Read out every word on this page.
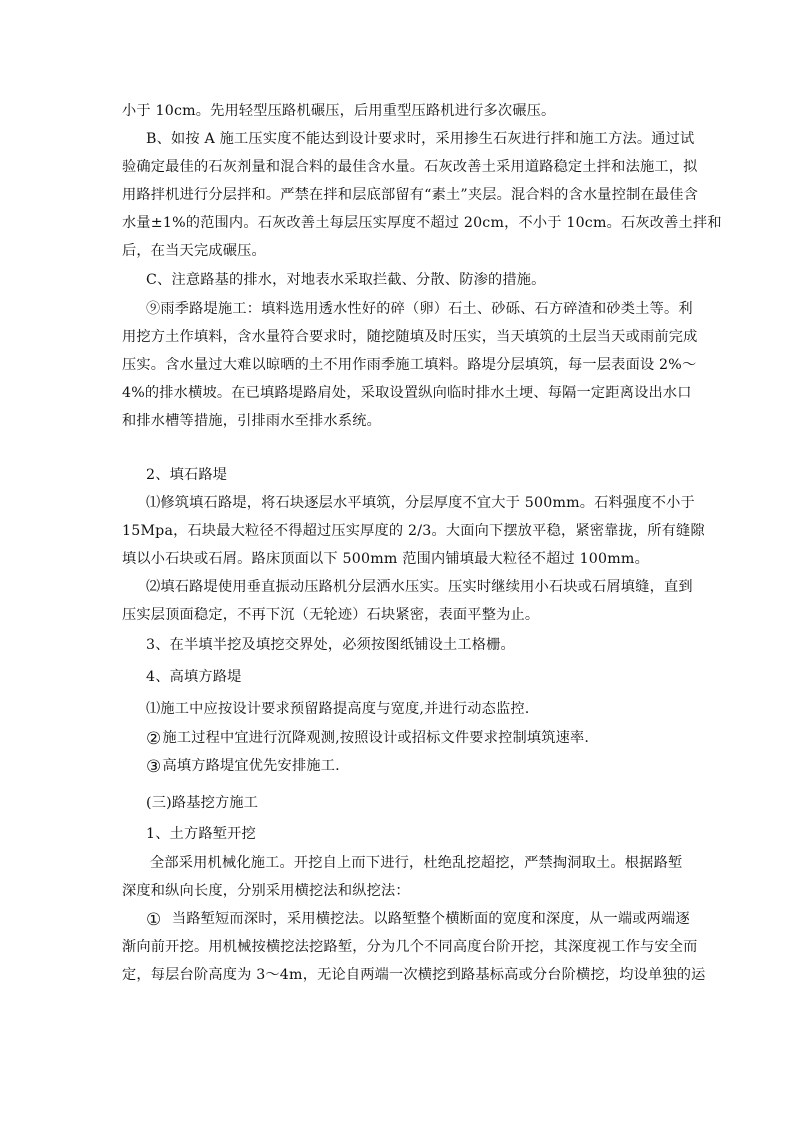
小于 10cm。先用轻型压路机碾压，后用重型压路机进行多次碾压。
B、如按 A 施工压实度不能达到设计要求时，采用掺生石灰进行拌和施工方法。通过试
验确定最佳的石灰剂量和混合料的最佳含水量。石灰改善土采用道路稳定土拌和法施工，拟
用路拌机进行分层拌和。严禁在拌和层底部留有“素土”夹层。混合料的含水量控制在最佳含
水量±1%的范围内。石灰改善土每层压实厚度不超过 20cm，不小于 10cm。石灰改善土拌和
后，在当天完成碾压。
C、注意路基的排水，对地表水采取拦截、分散、防渗的措施。
⑨雨季路堤施工：填料选用透水性好的碎（卵）石土、砂砾、石方碎渣和砂类土等。利
用挖方土作填料，含水量符合要求时，随挖随填及时压实，当天填筑的土层当天或雨前完成
压实。含水量过大难以晾晒的土不用作雨季施工填料。路堤分层填筑，每一层表面设 2%～
4%的排水横坡。在已填路堤路肩处，采取设置纵向临时排水土埂、每隔一定距离设出水口
和排水槽等措施，引排雨水至排水系统。
2、填石路堤
⑴修筑填石路堤，将石块逐层水平填筑，分层厚度不宜大于 500mm。石料强度不小于
15Mpa，石块最大粒径不得超过压实厚度的 2/3。大面向下摆放平稳，紧密靠拢，所有缝隙
填以小石块或石屑。路床顶面以下 500mm 范围内铺填最大粒径不超过 100mm。
⑵填石路堤使用垂直振动压路机分层洒水压实。压实时继续用小石块或石屑填缝，直到
压实层顶面稳定，不再下沉（无轮迹）石块紧密，表面平整为止。
3、在半填半挖及填挖交界处，必须按图纸铺设土工格栅。
4、高填方路堤
⑴施工中应按设计要求预留路提高度与宽度,并进行动态监控.
②施工过程中宜进行沉降观测,按照设计或招标文件要求控制填筑速率.
③高填方路堤宜优先安排施工.
(三)路基挖方施工
1、土方路堑开挖
全部采用机械化施工。开挖自上而下进行，杜绝乱挖超挖，严禁掏洞取土。根据路堑
深度和纵向长度，分别采用横挖法和纵挖法：
① 当路堑短而深时，采用横挖法。以路堑整个横断面的宽度和深度，从一端或两端逐
渐向前开挖。用机械按横挖法挖路堑，分为几个不同高度台阶开挖，其深度视工作与安全而
定，每层台阶高度为 3～4m，无论自两端一次横挖到路基标高或分台阶横挖，均设单独的运
